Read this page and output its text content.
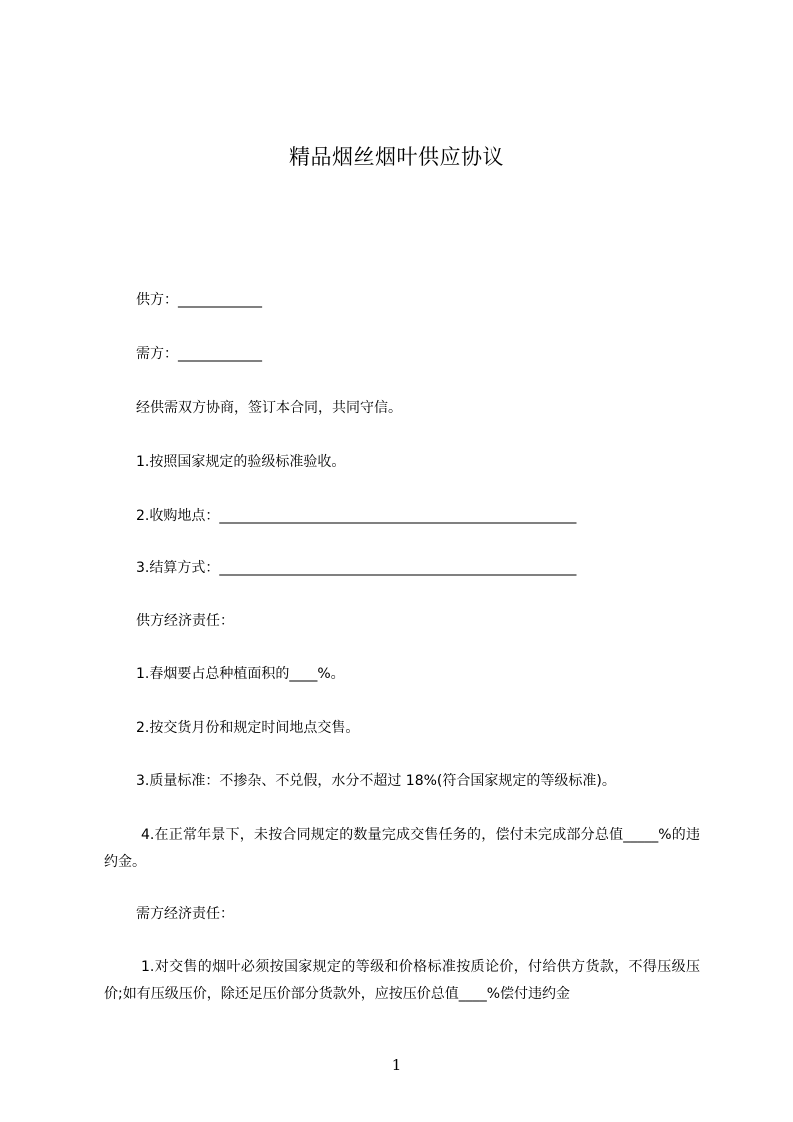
精品烟丝烟叶供应协议
供方：____________
需方：____________
经供需双方协商，签订本合同，共同守信。
1.按照国家规定的验级标准验收。
2.收购地点：___________________________________________________
3.结算方式：___________________________________________________
供方经济责任：
1.春烟要占总种植面积的____%。
2.按交货月份和规定时间地点交售。
3.质量标准：不掺杂、不兑假，水分不超过 18%(符合国家规定的等级标准)。
4.在正常年景下，未按合同规定的数量完成交售任务的，偿付未完成部分总值_____%的违约金。
需方经济责任：
1.对交售的烟叶必须按国家规定的等级和价格标准按质论价，付给供方货款，不得压级压价;如有压级压价，除还足压价部分货款外，应按压价总值____%偿付违约金
1
